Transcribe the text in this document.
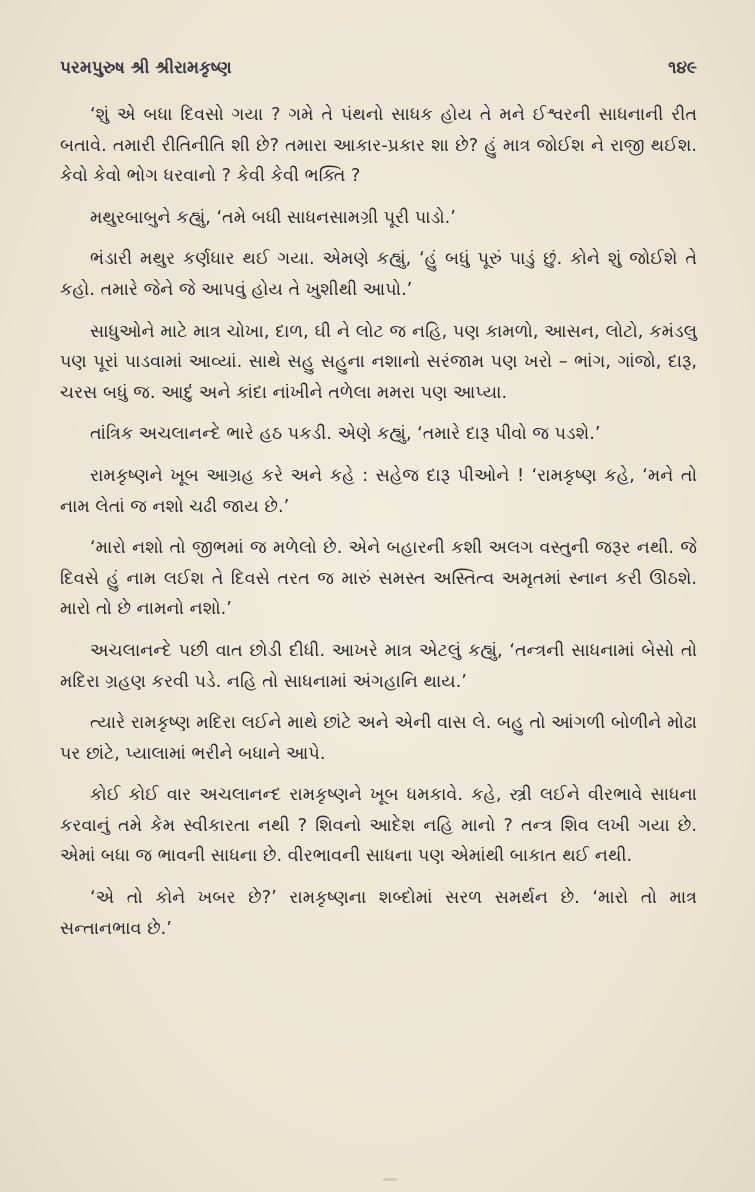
પરમપુરુષ શ્રી શ્રીરામકૃષ્ણ	૧૪૯

‘શું એ બધા દિવસો ગયા ? ગમે તે પંથનો સાધક હોય તે મને ઈશ્વરની સાધનાની રીત બતાવે. તમારી રીતિનીતિ શી છે? તમારા આકાર-પ્રકાર શા છે? હું માત્ર જોઈશ ને રાજી થઈશ. કેવો કેવો ભોગ ધરવાનો ? કેવી કેવી ભક્તિ ?

મથુરબાબુને કહ્યું, ‘તમે બધી સાધનસામગ્રી પૂરી પાડો.’

ભંડારી મથુર કર્ણધાર થઈ ગયા. એમણે કહ્યું, ‘હું બધું પૂરું પાડું છું. કોને શું જોઈશે તે કહો. તમારે જેને જે આપવું હોય તે ખુશીથી આપો.’

સાધુઓને માટે માત્ર ચોખા, દાળ, ઘી ને લોટ જ નહિ, પણ કામળો, આસન, લોટો, કમંડલુ પણ પૂરાં પાડવામાં આવ્યાં. સાથે સહુ સહુના નશાનો સરંજામ પણ ખરો – ભાંગ, ગાંજો, દારૂ, ચરસ બધું જ. આદું અને કાંદા નાંખીને તળેલા મમરા પણ આપ્યા.

તાંત્રિક અચલાનન્દે ભારે હઠ પકડી. એણે કહ્યું, ‘તમારે દારૂ પીવો જ પડશે.’

રામકૃષ્ણને ખૂબ આગ્રહ કરે અને કહે : સહેજ દારૂ પીઓને ! ‘રામકૃષ્ણ કહે, ‘મને તો નામ લેતાં જ નશો ચઢી જાય છે.’

‘મારો નશો તો જીભમાં જ મળેલો છે. એને બહારની કશી અલગ વસ્તુની જરૂર નથી. જે દિવસે હું નામ લઈશ તે દિવસે તરત જ મારું સમસ્ત અસ્તિત્વ અમૃતમાં સ્નાન કરી ઊઠશે. મારો તો છે નામનો નશો.’

અચલાનન્દે પછી વાત છોડી દીધી. આખરે માત્ર એટલું કહ્યું, ‘તન્ત્રની સાધનામાં બેસો તો મદિરા ગ્રહણ કરવી પડે. નહિ તો સાધનામાં અંગહાનિ થાય.’

ત્યારે રામકૃષ્ણ મદિરા લઈને માથે છાંટે અને એની વાસ લે. બહુ તો આંગળી બોળીને મોઢા પર છાંટે, પ્યાલામાં ભરીને બધાને આપે.

કોઈ કોઈ વાર અચલાનન્દ રામકૃષ્ણને ખૂબ ધમકાવે. કહે, સ્ત્રી લઈને વીરભાવે સાધના કરવાનું તમે કેમ સ્વીકારતા નથી ? શિવનો આદેશ નહિ માનો ? તન્ત્ર શિવ લખી ગયા છે. એમાં બધા જ ભાવની સાધના છે. વીરભાવની સાધના પણ એમાંથી બાકાત થઈ નથી.

‘એ તો કોને ખબર છે?’ રામકૃષ્ણના શબ્દોમાં સરળ સમર્થન છે. ‘મારો તો માત્ર સન્તાનભાવ છે.’
